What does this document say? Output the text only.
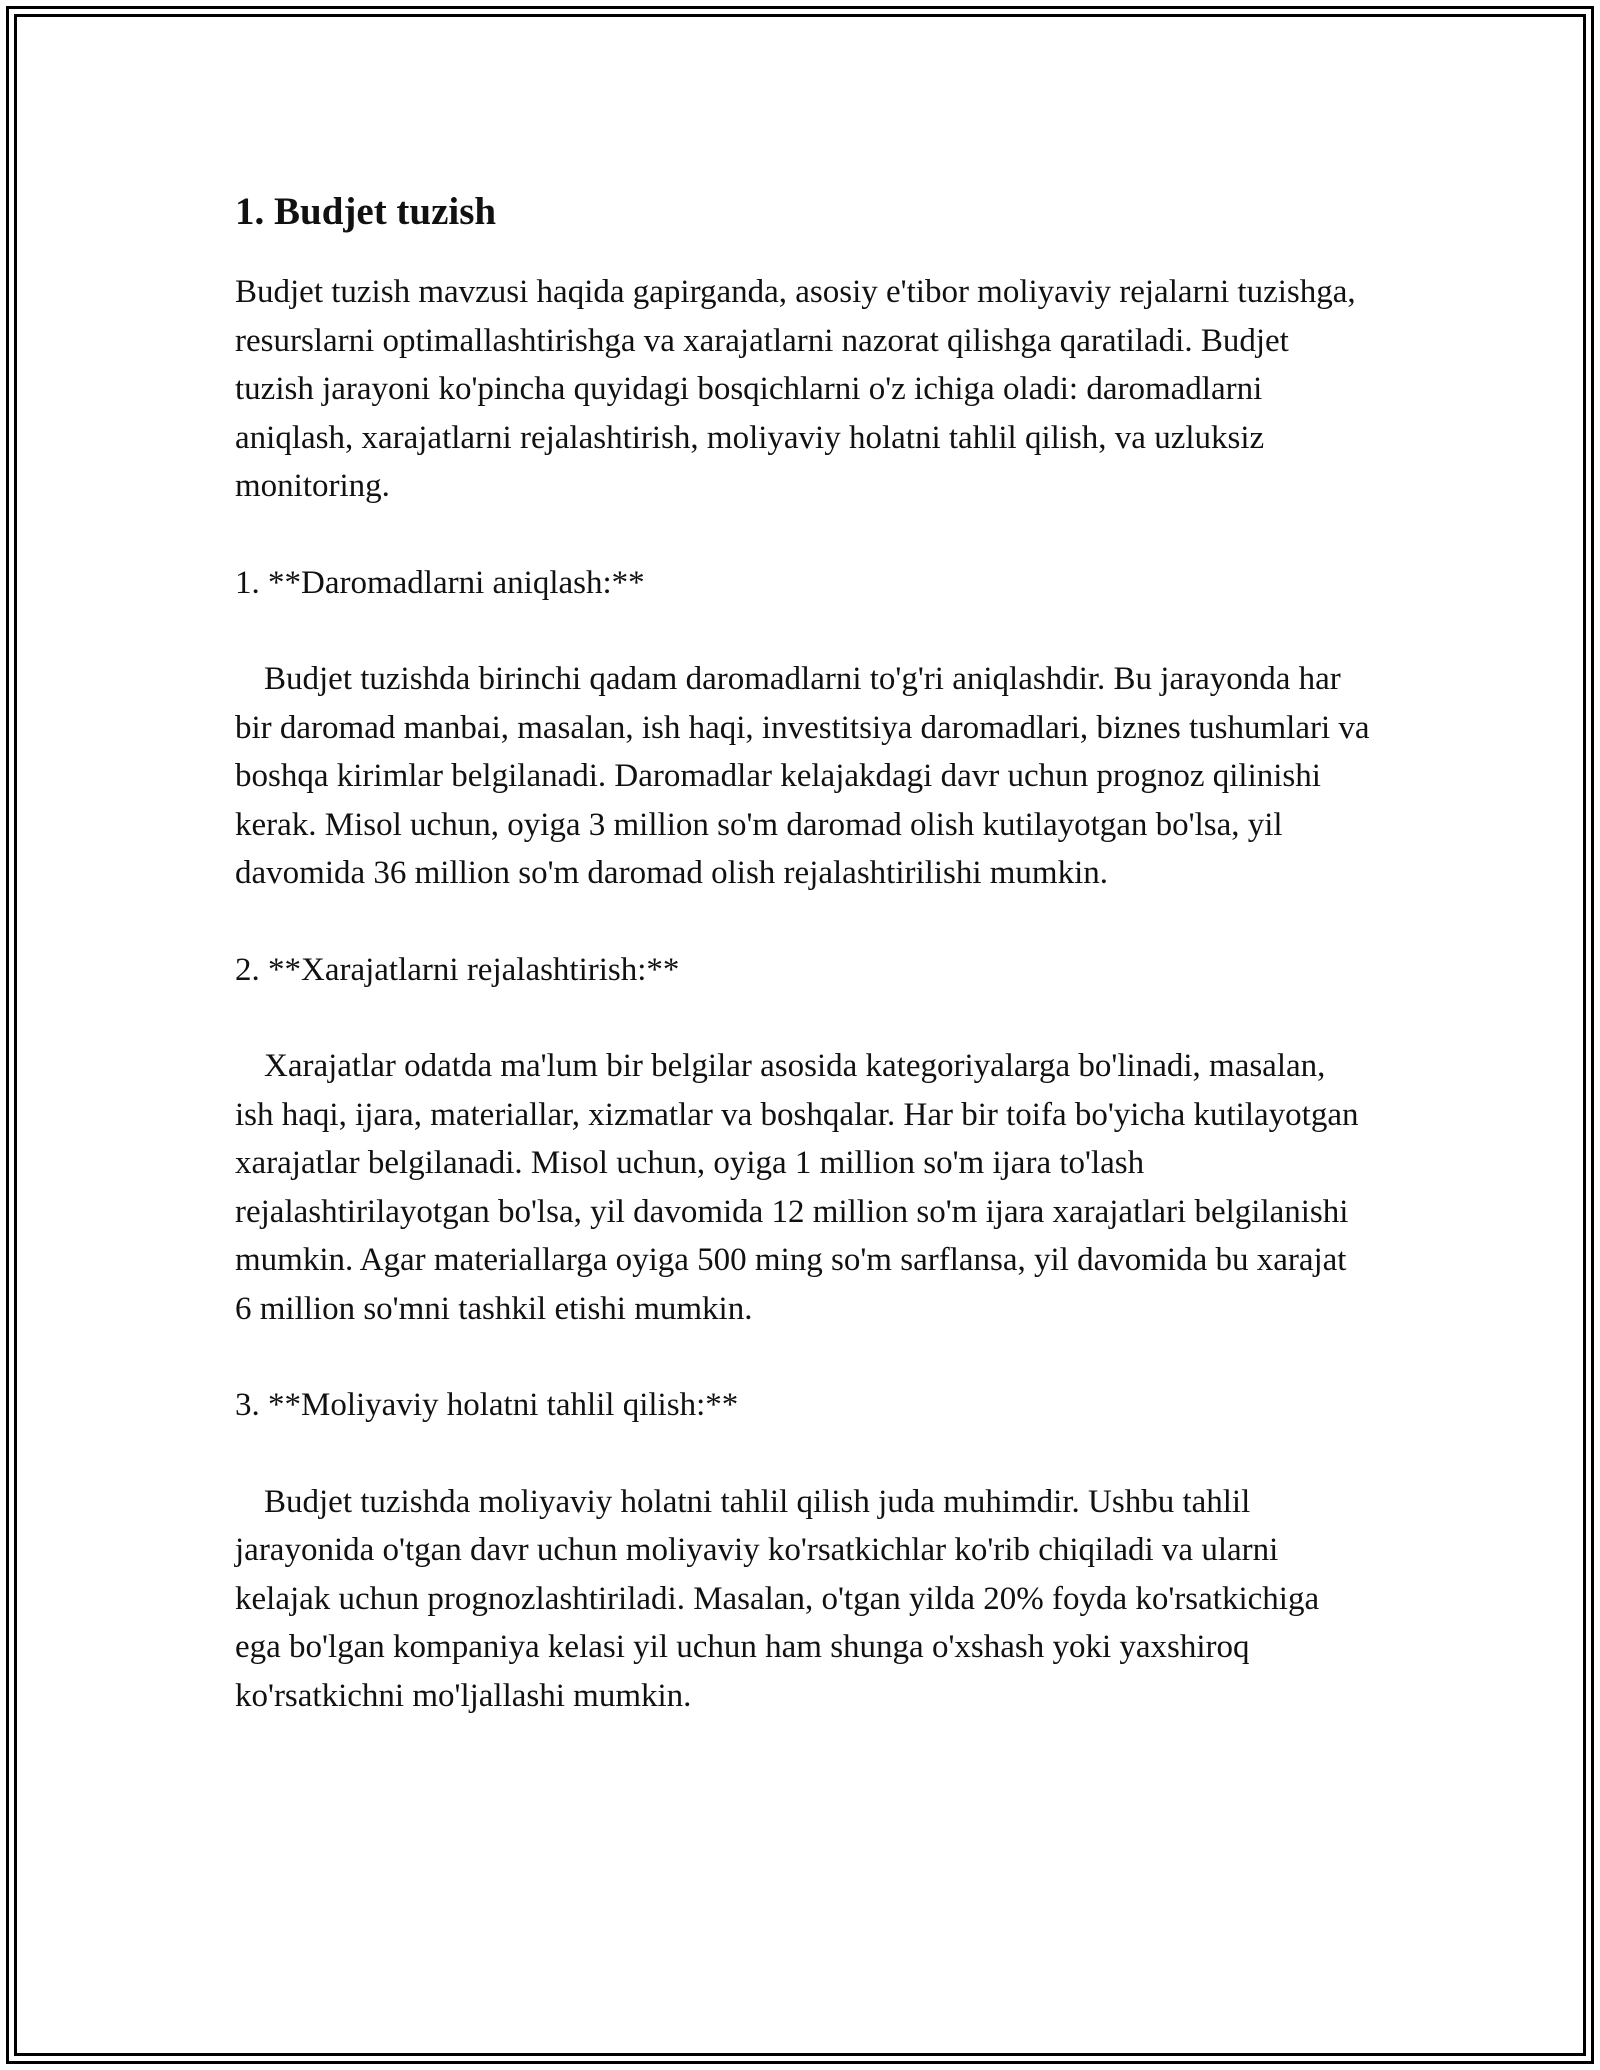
1. Budjet tuzish

Budjet tuzish mavzusi haqida gapirganda, asosiy e'tibor moliyaviy rejalarni tuzishga, resurslarni optimallashtirishga va xarajatlarni nazorat qilishga qaratiladi. Budjet tuzish jarayoni ko'pincha quyidagi bosqichlarni o'z ichiga oladi: daromadlarni aniqlash, xarajatlarni rejalashtirish, moliyaviy holatni tahlil qilish, va uzluksiz monitoring.

1. **Daromadlarni aniqlash:**

Budjet tuzishda birinchi qadam daromadlarni to'g'ri aniqlashdir. Bu jarayonda har bir daromad manbai, masalan, ish haqi, investitsiya daromadlari, biznes tushumlari va boshqa kirimlar belgilanadi. Daromadlar kelajakdagi davr uchun prognoz qilinishi kerak. Misol uchun, oyiga 3 million so'm daromad olish kutilayotgan bo'lsa, yil davomida 36 million so'm daromad olish rejalashtirilishi mumkin.

2. **Xarajatlarni rejalashtirish:**

Xarajatlar odatda ma'lum bir belgilar asosida kategoriyalarga bo'linadi, masalan, ish haqi, ijara, materiallar, xizmatlar va boshqalar. Har bir toifa bo'yicha kutilayotgan xarajatlar belgilanadi. Misol uchun, oyiga 1 million so'm ijara to'lash rejalashtirilayotgan bo'lsa, yil davomida 12 million so'm ijara xarajatlari belgilanishi mumkin. Agar materiallarga oyiga 500 ming so'm sarflansa, yil davomida bu xarajat 6 million so'mni tashkil etishi mumkin.

3. **Moliyaviy holatni tahlil qilish:**

Budjet tuzishda moliyaviy holatni tahlil qilish juda muhimdir. Ushbu tahlil jarayonida o'tgan davr uchun moliyaviy ko'rsatkichlar ko'rib chiqiladi va ularni kelajak uchun prognozlashtiriladi. Masalan, o'tgan yilda 20% foyda ko'rsatkichiga ega bo'lgan kompaniya kelasi yil uchun ham shunga o'xshash yoki yaxshiroq ko'rsatkichni mo'ljallashi mumkin.
